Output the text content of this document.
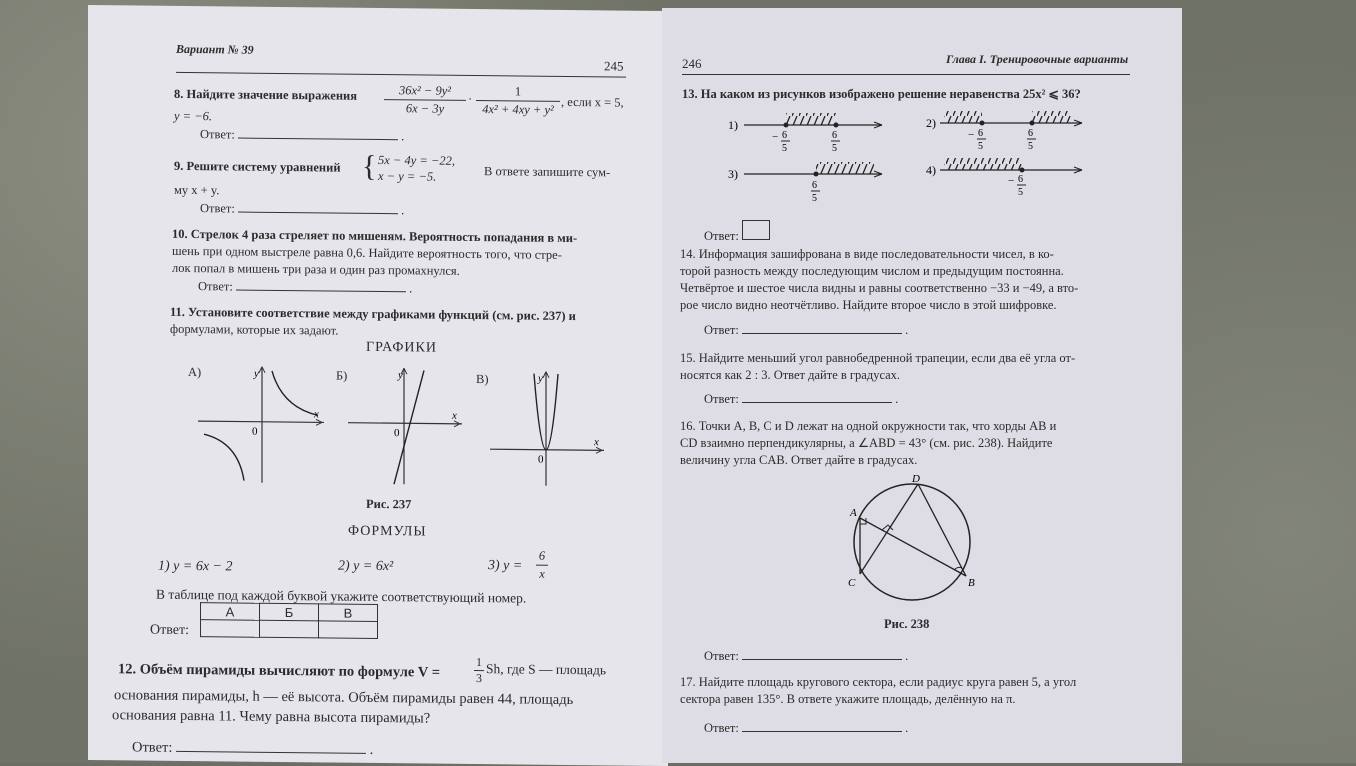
Вариант № 39
245
8. Найдите значение выражения	36x² − 9y²
6x − 3y
·
1
4x² + 4xy + y² , если x = 5,
y = −6.
Ответ:	.
9. Решите систему уравнений { 5x − 4y = −22,
x − y = −5.	В ответе запишите сум-
му x + y.
Ответ:	.
10. Стрелок 4 раза стреляет по мишеням. Вероятность попадания в ми-
шень при одном выстреле равна 0,6. Найдите вероятность того, что стре-
лок попал в мишень три раза и один раз промахнулся.
Ответ:	.
11. Установите соответствие между графиками функций (см. рис. 237) и
формулами, которые их задают.
ГРАФИКИ
А)	Б)	В)
0
y
x
0
y
x
0
y
x
Рис. 237
ФОРМУЛЫ
1) y = 6x − 2	2) y = 6x²	3) y =
6
x
В таблице под каждой буквой укажите соответствующий номер.
Ответ:
А	Б	В

12. Объём пирамиды вычисляют по формуле V =	1
3
Sh, где S — площадь
основания пирамиды, h — её высота. Объём пирамиды равен 44, площадь
основания равна 11. Чему равна высота пирамиды?
Ответ:	.
246	Глава I. Тренировочные варианты
13. На каком из рисунков изображено решение неравенства 25x² ⩽ 36?
1)
− 6
5
6
5
2)
− 6
5
6
5
3)
6
5
4)
− 6
5
Ответ:
14. Информация зашифрована в виде последовательности чисел, в ко-
торой разность между последующим числом и предыдущим постоянна.
Четвёртое и шестое числа видны и равны соответственно −33 и −49, а вто-
рое число видно неотчётливо. Найдите второе число в этой шифровке.
Ответ:	.
15. Найдите меньший угол равнобедренной трапеции, если два её угла от-
носятся как 2 : 3. Ответ дайте в градусах.
Ответ:	.
16. Точки A, B, C и D лежат на одной окружности так, что хорды AB и
CD взаимно перпендикулярны, а ∠ABD = 43° (см. рис. 238). Найдите
величину угла CAB. Ответ дайте в градусах.
A
B
C
D
Рис. 238
Ответ:	.
17. Найдите площадь кругового сектора, если радиус круга равен 5, а угол
сектора равен 135°. В ответе укажите площадь, делённую на π.
Ответ:	.
